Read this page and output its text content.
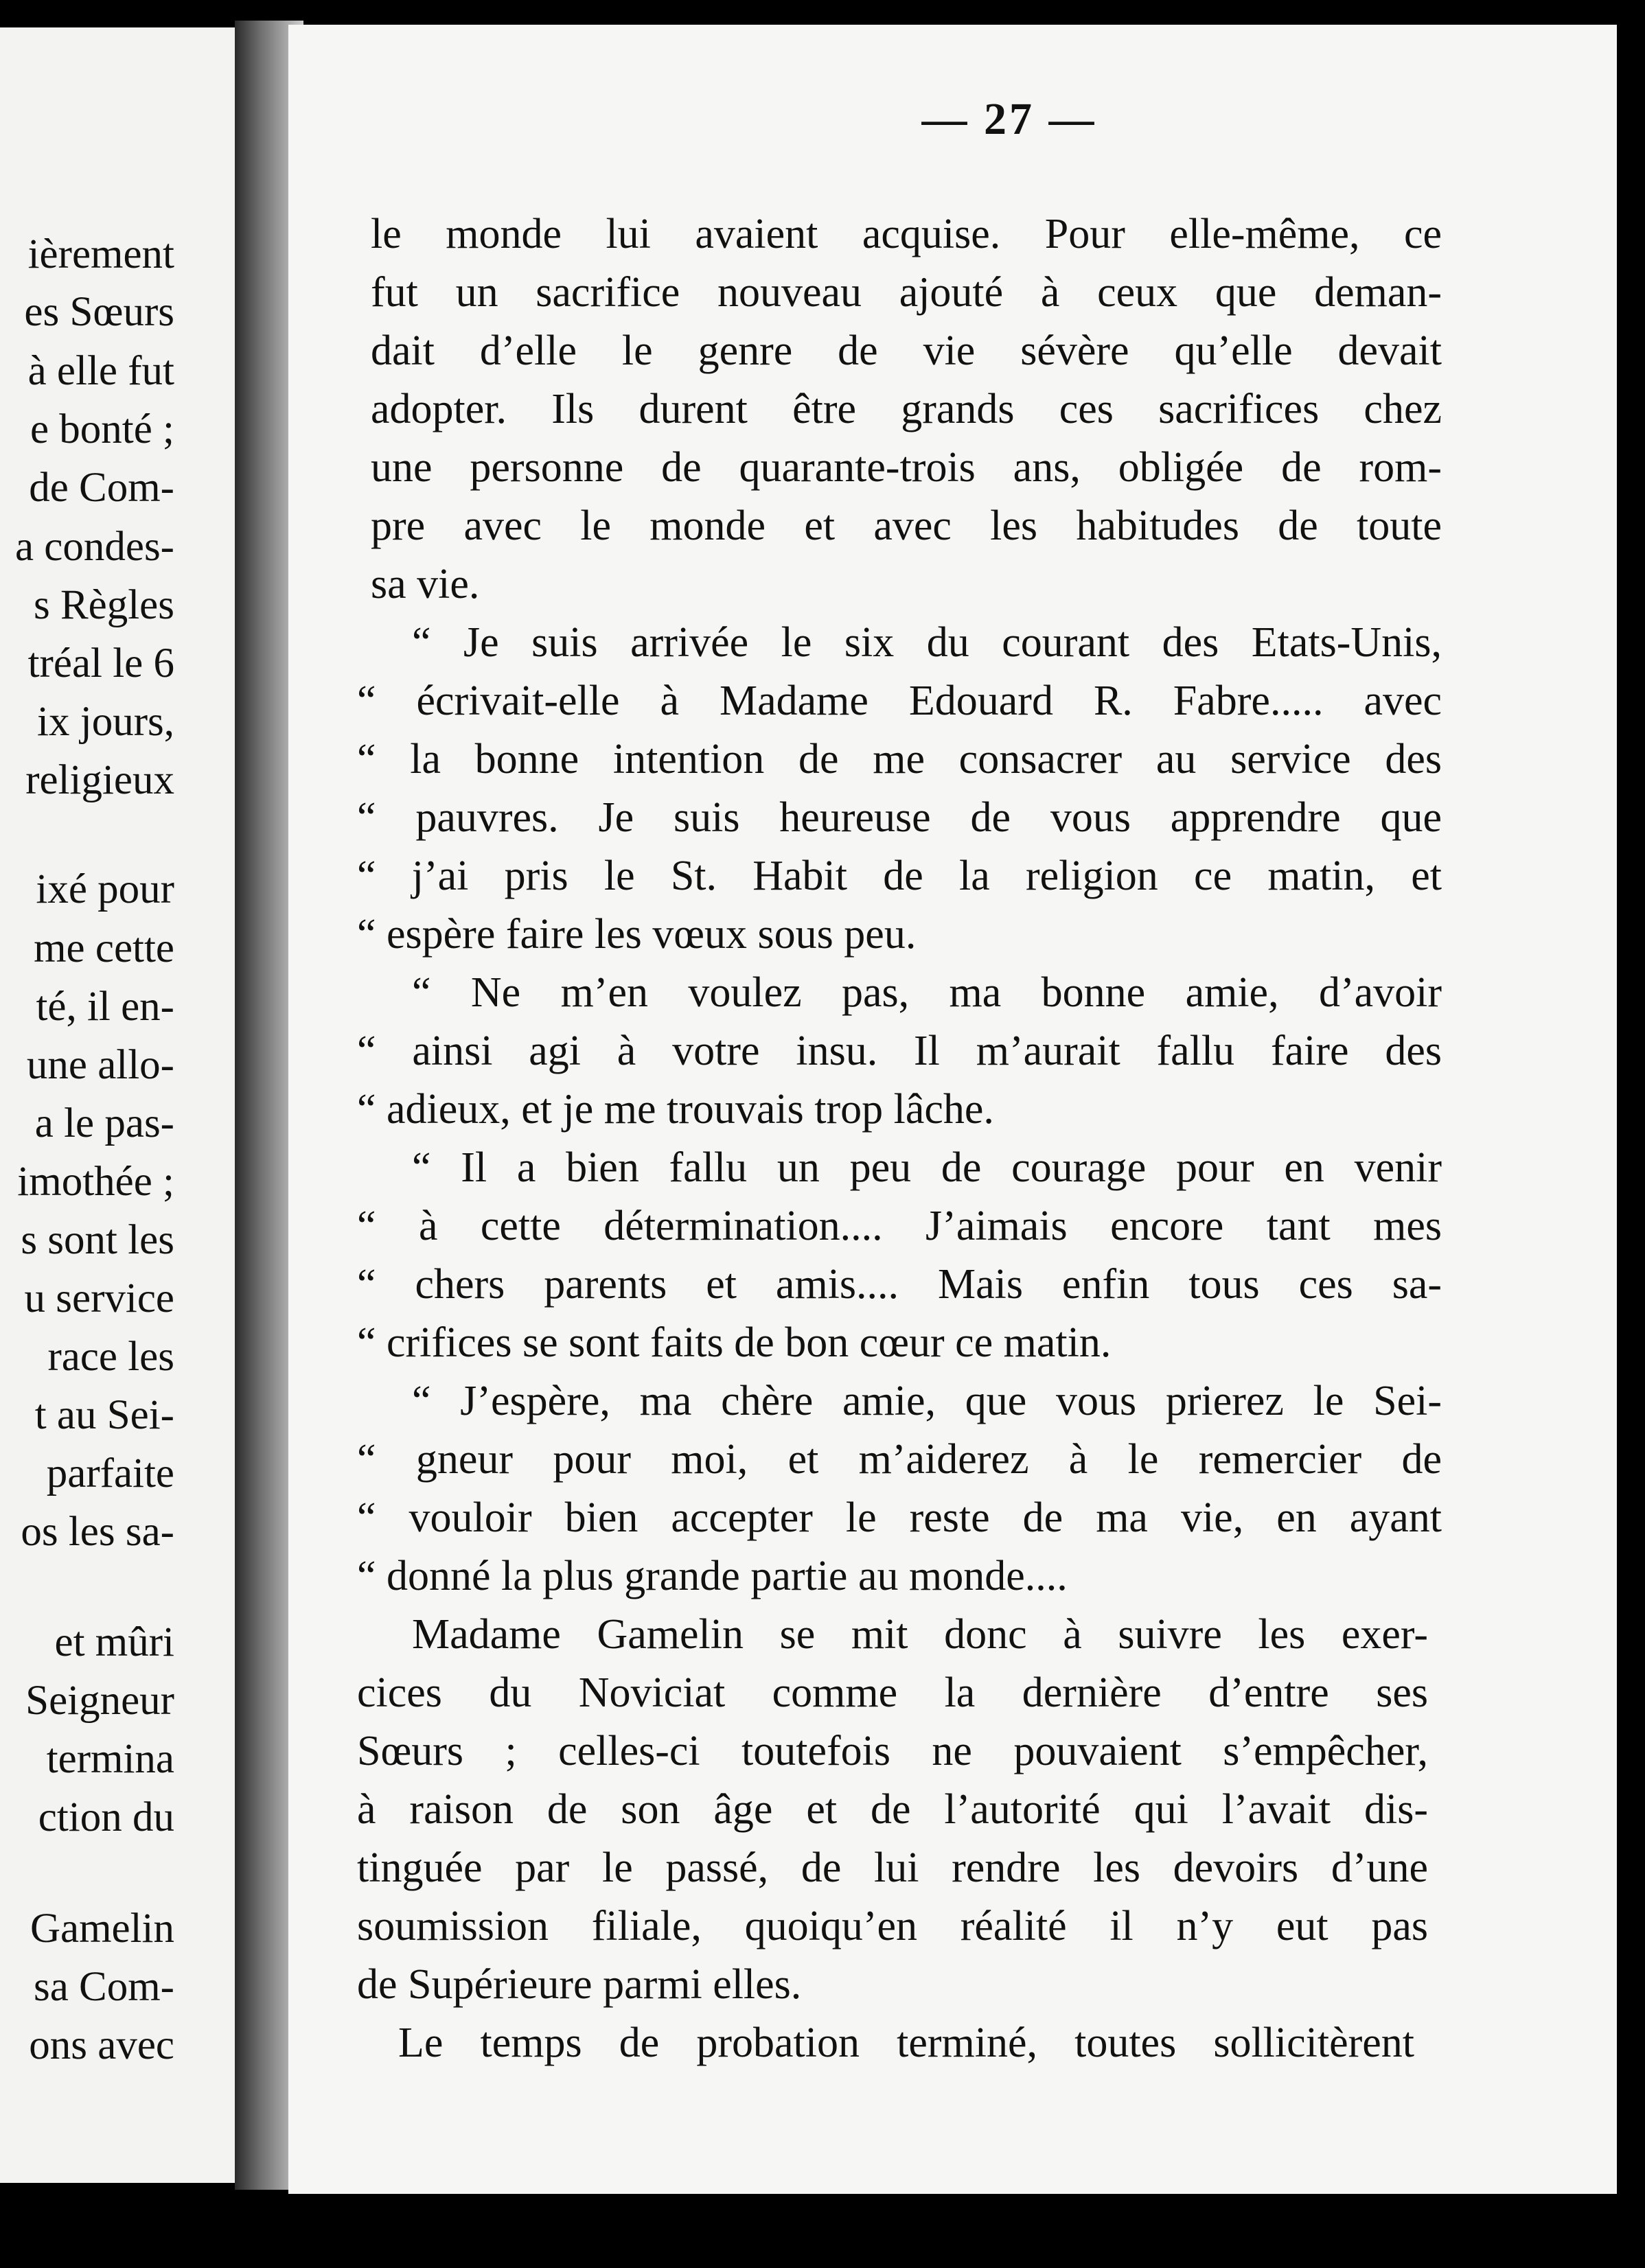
ièrement
es Sœurs
à elle fut
e bonté ;
de Com-
a condes-
s Règles
tréal le 6
ix jours,
religieux
ixé pour
me cette
té, il en-
une allo-
a le pas-
imothée ;
s sont les
u service
race les
t au Sei-
parfaite
os les sa-
et mûri
Seigneur
termina
ction du
Gamelin
sa Com-
ons avec
— 27 —
le monde lui avaient acquise. Pour elle-même, ce
fut un sacrifice nouveau ajouté à ceux que deman-
dait d’elle le genre de vie sévère qu’elle devait
adopter. Ils durent être grands ces sacrifices chez
une personne de quarante-trois ans, obligée de rom-
pre avec le monde et avec les habitudes de toute
sa vie.
“ Je suis arrivée le six du courant des Etats-Unis,
“ écrivait-elle à Madame Edouard R. Fabre..... avec
“ la bonne intention de me consacrer au service des
“ pauvres. Je suis heureuse de vous apprendre que
“ j’ai pris le St. Habit de la religion ce matin, et
“ espère faire les vœux sous peu.
“ Ne m’en voulez pas, ma bonne amie, d’avoir
“ ainsi agi à votre insu. Il m’aurait fallu faire des
“ adieux, et je me trouvais trop lâche.
“ Il a bien fallu un peu de courage pour en venir
“ à cette détermination.... J’aimais encore tant mes
“ chers parents et amis.... Mais enfin tous ces sa-
“ crifices se sont faits de bon cœur ce matin.
“ J’espère, ma chère amie, que vous prierez le Sei-
“ gneur pour moi, et m’aiderez à le remercier de
“ vouloir bien accepter le reste de ma vie, en ayant
“ donné la plus grande partie au monde....
Madame Gamelin se mit donc à suivre les exer-
cices du Noviciat comme la dernière d’entre ses
Sœurs ; celles-ci toutefois ne pouvaient s’empêcher,
à raison de son âge et de l’autorité qui l’avait dis-
tinguée par le passé, de lui rendre les devoirs d’une
soumission filiale, quoiqu’en réalité il n’y eut pas
de Supérieure parmi elles.
Le temps de probation terminé, toutes sollicitèrent
